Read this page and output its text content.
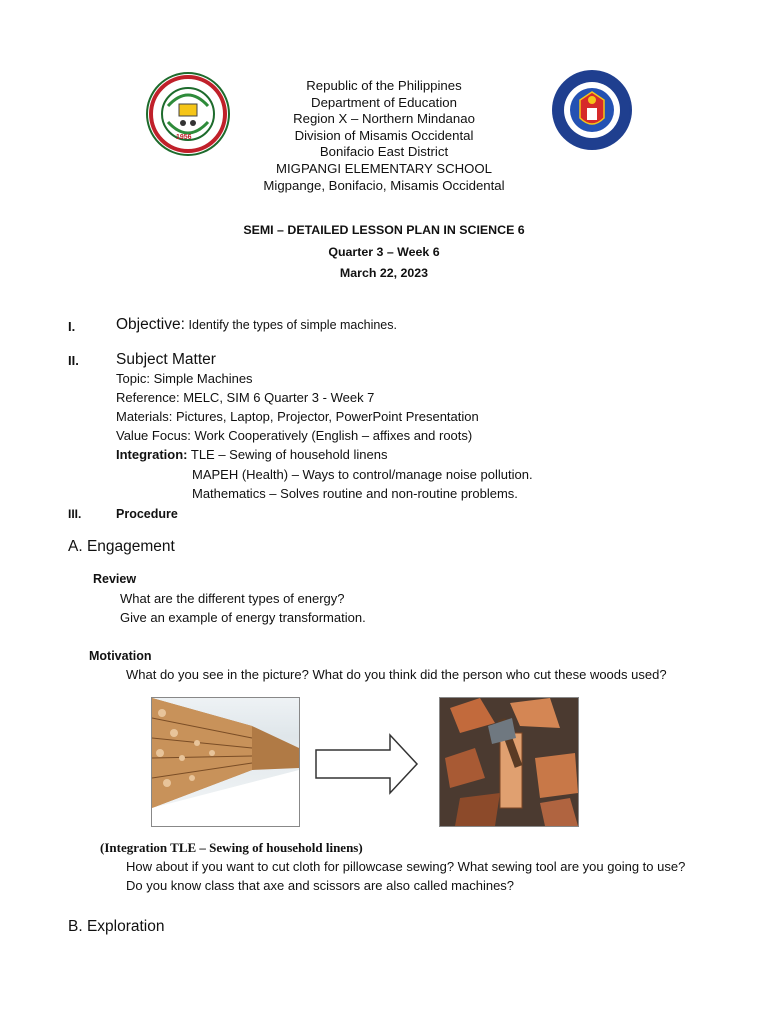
1956
Republic of the Philippines
Department of Education
Region X – Northern Mindanao
Division of Misamis Occidental
Bonifacio East District
MIGPANGI ELEMENTARY SCHOOL
Migpange, Bonifacio, Misamis Occidental
SEMI – DETAILED LESSON PLAN IN SCIENCE 6
Quarter 3 – Week 6
March 22, 2023
I.	Objective: Identify the types of simple machines.
II. Subject Matter
Topic: Simple Machines
Reference: MELC, SIM 6 Quarter 3 - Week 7
Materials: Pictures, Laptop, Projector, PowerPoint Presentation
Value Focus: Work Cooperatively (English – affixes and roots)
Integration: TLE – Sewing of household linens
MAPEH (Health) – Ways to control/manage noise pollution.
Mathematics – Solves routine and non-routine problems.
III.	Procedure
A. Engagement
Review
What are the different types of energy?
Give an example of energy transformation.
Motivation
What do you see in the picture? What do you think did the person who cut these woods used?
(Integration TLE – Sewing of household linens)
How about if you want to cut cloth for pillowcase sewing? What sewing tool are you going to use?
Do you know class that axe and scissors are also called machines?
B. Exploration
